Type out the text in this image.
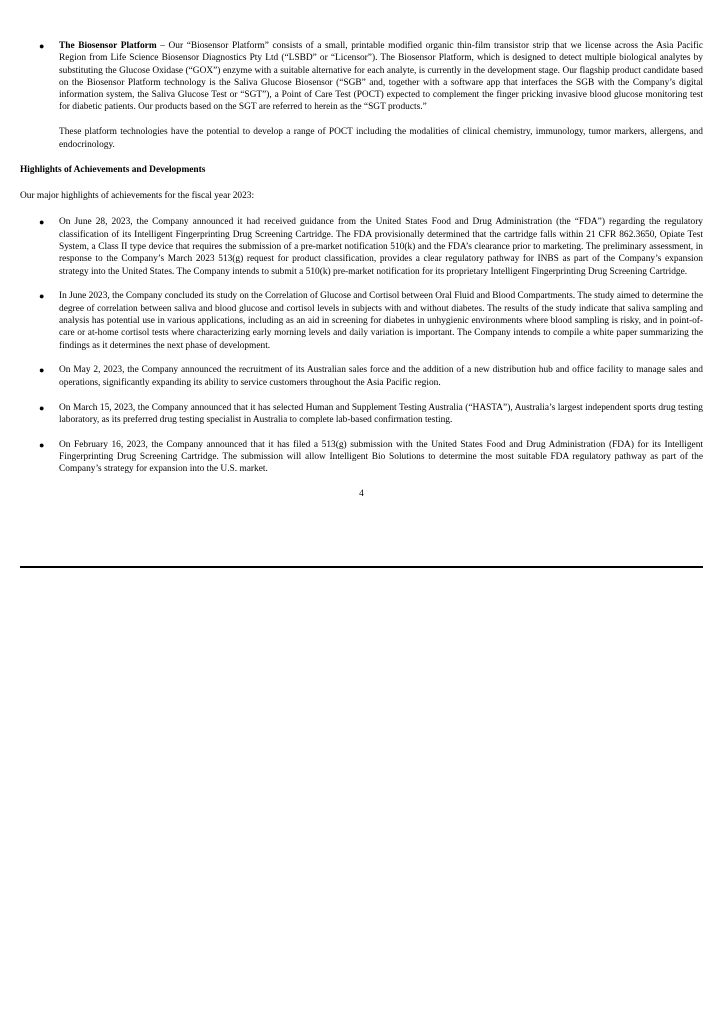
● The Biosensor Platform – Our “Biosensor Platform” consists of a small, printable modified organic thin-film transistor strip that we license across the Asia Pacific Region from Life Science Biosensor Diagnostics Pty Ltd (“LSBD” or “Licensor”). The Biosensor Platform, which is designed to detect multiple biological analytes by substituting the Glucose Oxidase (“GOX”) enzyme with a suitable alternative for each analyte, is currently in the development stage. Our flagship product candidate based on the Biosensor Platform technology is the Saliva Glucose Biosensor (“SGB” and, together with a software app that interfaces the SGB with the Company’s digital information system, the Saliva Glucose Test or “SGT”), a Point of Care Test (POCT) expected to complement the finger pricking invasive blood glucose monitoring test for diabetic patients. Our products based on the SGT are referred to herein as the “SGT products.”

These platform technologies have the potential to develop a range of POCT including the modalities of clinical chemistry, immunology, tumor markers, allergens, and endocrinology.

Highlights of Achievements and Developments

Our major highlights of achievements for the fiscal year 2023:

● On June 28, 2023, the Company announced it had received guidance from the United States Food and Drug Administration (the “FDA”) regarding the regulatory classification of its Intelligent Fingerprinting Drug Screening Cartridge. The FDA provisionally determined that the cartridge falls within 21 CFR 862.3650, Opiate Test System, a Class II type device that requires the submission of a pre-market notification 510(k) and the FDA’s clearance prior to marketing. The preliminary assessment, in response to the Company’s March 2023 513(g) request for product classification, provides a clear regulatory pathway for INBS as part of the Company’s expansion strategy into the United States. The Company intends to submit a 510(k) pre-market notification for its proprietary Intelligent Fingerprinting Drug Screening Cartridge.
● In June 2023, the Company concluded its study on the Correlation of Glucose and Cortisol between Oral Fluid and Blood Compartments. The study aimed to determine the degree of correlation between saliva and blood glucose and cortisol levels in subjects with and without diabetes. The results of the study indicate that saliva sampling and analysis has potential use in various applications, including as an aid in screening for diabetes in unhygienic environments where blood sampling is risky, and in point-of-care or at-home cortisol tests where characterizing early morning levels and daily variation is important. The Company intends to compile a white paper summarizing the findings as it determines the next phase of development.
● On May 2, 2023, the Company announced the recruitment of its Australian sales force and the addition of a new distribution hub and office facility to manage sales and operations, significantly expanding its ability to service customers throughout the Asia Pacific region.
● On March 15, 2023, the Company announced that it has selected Human and Supplement Testing Australia (“HASTA”), Australia’s largest independent sports drug testing laboratory, as its preferred drug testing specialist in Australia to complete lab-based confirmation testing.
● On February 16, 2023, the Company announced that it has filed a 513(g) submission with the United States Food and Drug Administration (FDA) for its Intelligent Fingerprinting Drug Screening Cartridge. The submission will allow Intelligent Bio Solutions to determine the most suitable FDA regulatory pathway as part of the Company’s strategy for expansion into the U.S. market.
4
